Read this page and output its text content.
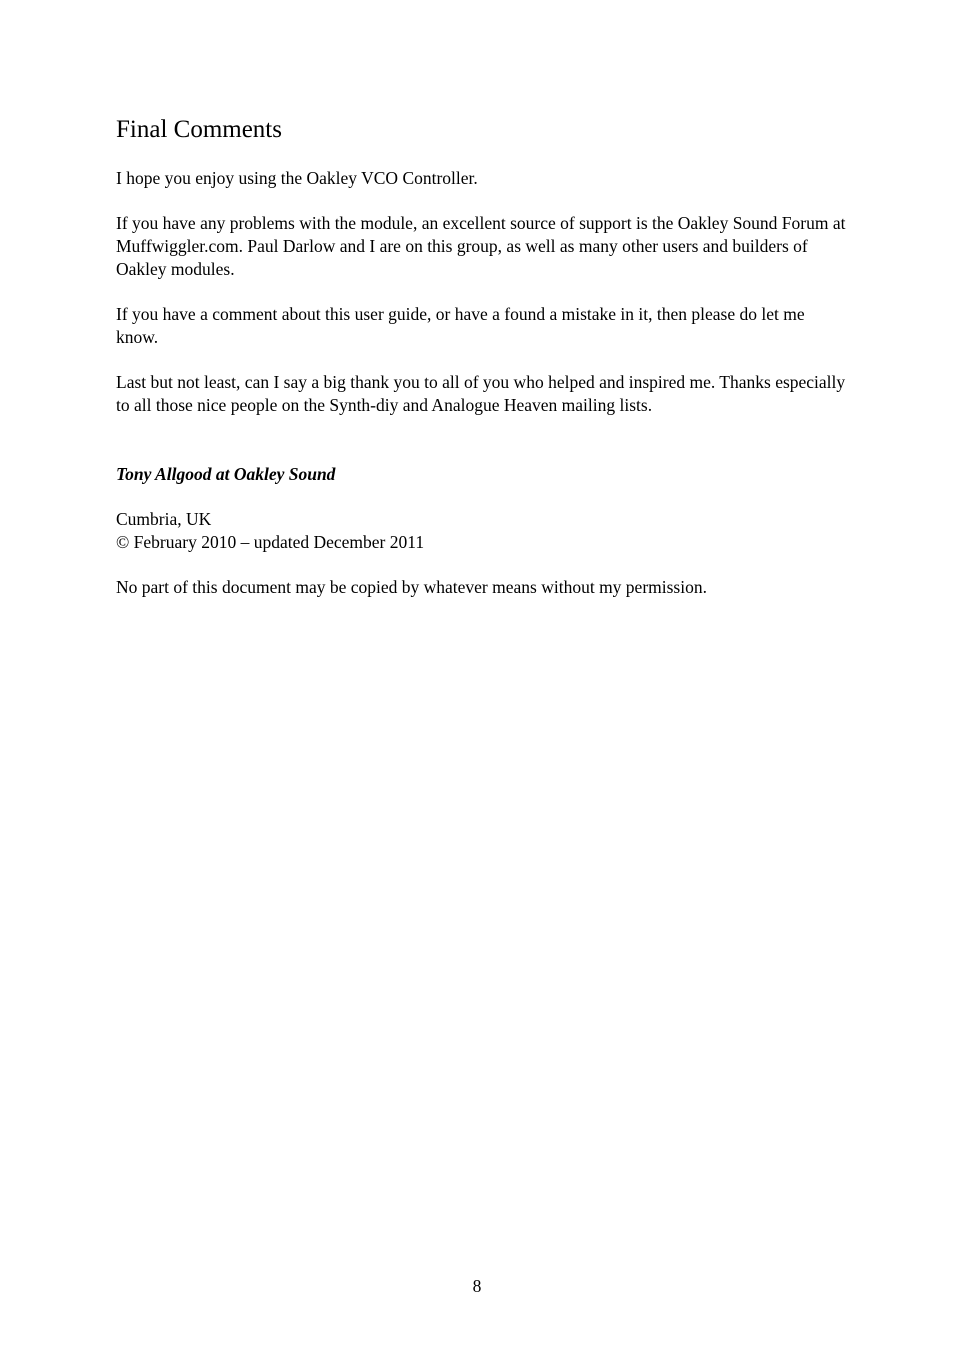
Final Comments

I hope you enjoy using the Oakley VCO Controller.

If you have any problems with the module, an excellent source of support is the Oakley Sound Forum at Muffwiggler.com. Paul Darlow and I are on this group, as well as many other users and builders of Oakley modules.

If you have a comment about this user guide, or have a found a mistake in it, then please do let me know.

Last but not least, can I say a big thank you to all of you who helped and inspired me. Thanks especially to all those nice people on the Synth-diy and Analogue Heaven mailing lists.

Tony Allgood at Oakley Sound

Cumbria, UK

© February 2010 – updated December 2011

No part of this document may be copied by whatever means without my permission.

8
